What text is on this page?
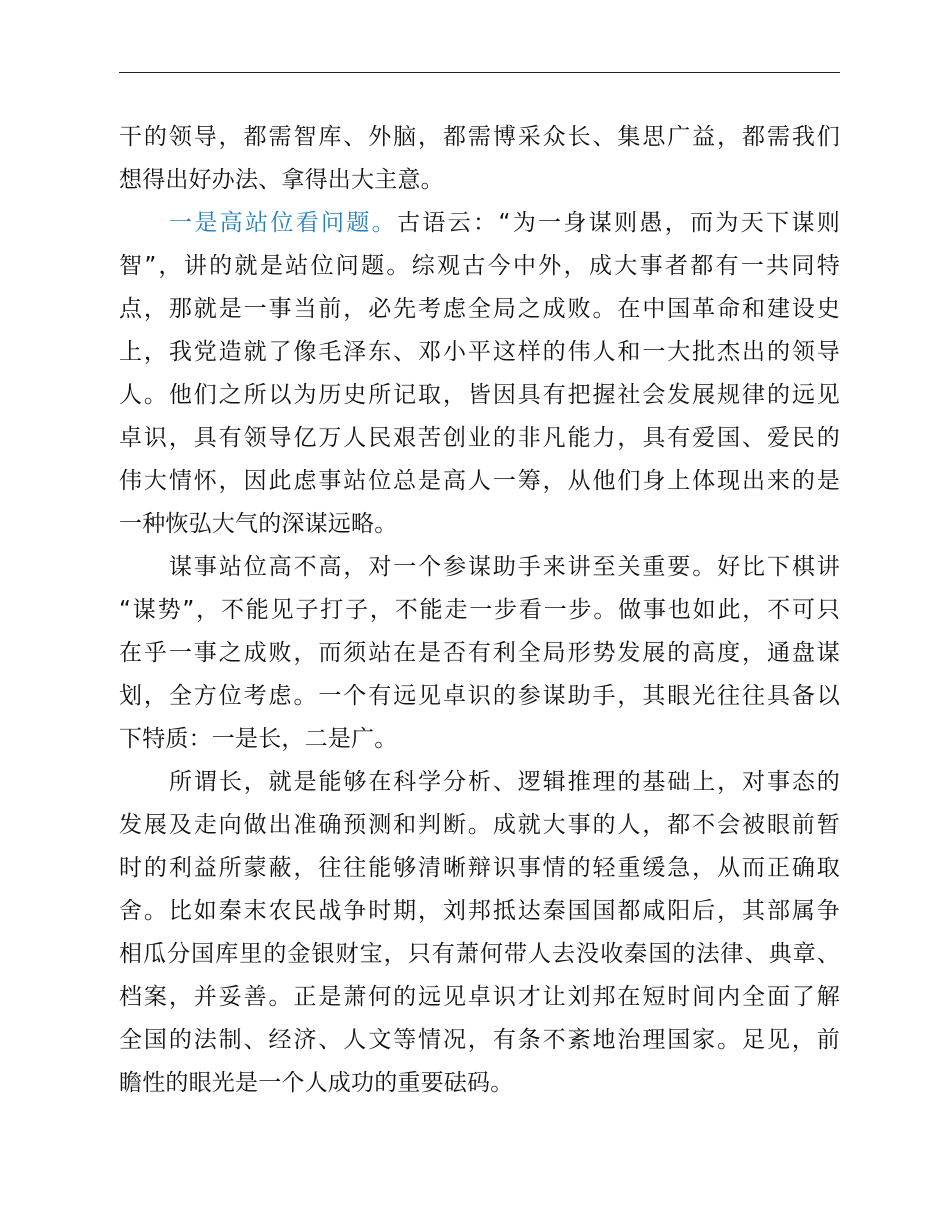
干的领导，都需智库、外脑，都需博采众长、集思广益，都需我们
想得出好办法、拿得出大主意。
一是高站位看问题。古语云：“为一身谋则愚，而为天下谋则
智”，讲的就是站位问题。综观古今中外，成大事者都有一共同特
点，那就是一事当前，必先考虑全局之成败。在中国革命和建设史
上，我党造就了像毛泽东、邓小平这样的伟人和一大批杰出的领导
人。他们之所以为历史所记取，皆因具有把握社会发展规律的远见
卓识，具有领导亿万人民艰苦创业的非凡能力，具有爱国、爱民的
伟大情怀，因此虑事站位总是高人一筹，从他们身上体现出来的是
一种恢弘大气的深谋远略。
谋事站位高不高，对一个参谋助手来讲至关重要。好比下棋讲
“谋势”，不能见子打子，不能走一步看一步。做事也如此，不可只
在乎一事之成败，而须站在是否有利全局形势发展的高度，通盘谋
划，全方位考虑。一个有远见卓识的参谋助手，其眼光往往具备以
下特质：一是长，二是广。
所谓长，就是能够在科学分析、逻辑推理的基础上，对事态的
发展及走向做出准确预测和判断。成就大事的人，都不会被眼前暂
时的利益所蒙蔽，往往能够清晰辩识事情的轻重缓急，从而正确取
舍。比如秦末农民战争时期，刘邦抵达秦国国都咸阳后，其部属争
相瓜分国库里的金银财宝，只有萧何带人去没收秦国的法律、典章、
档案，并妥善。正是萧何的远见卓识才让刘邦在短时间内全面了解
全国的法制、经济、人文等情况，有条不紊地治理国家。足见，前
瞻性的眼光是一个人成功的重要砝码。
